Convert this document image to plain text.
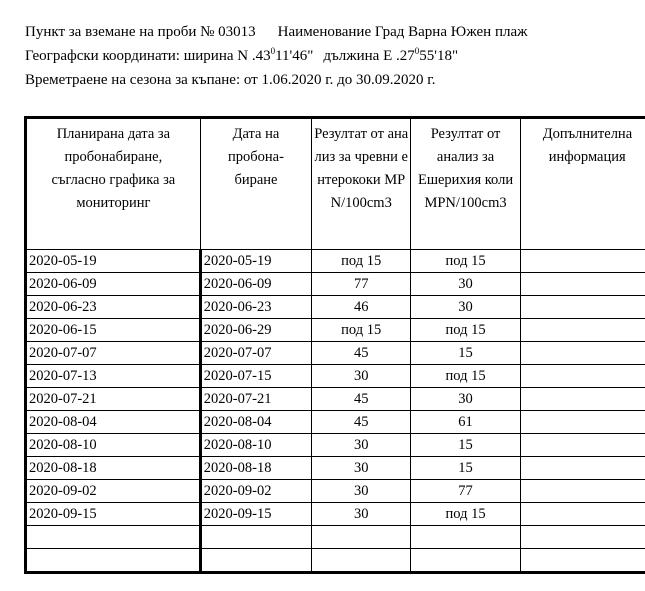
Пункт за вземане на проби № 03013 Наименование Град Варна Южен плаж
Географски координати: ширина N $.43^011'46$" дължина E $.27^055'18$"
Времетраене на сезона за къпане: от 1.06.2020 г. до 30.09.2020 г.
Планирана дата за пробонабиране, съгласно графика за мониторинг	Дата на пробона-биране	Резултат от анализ за чревни ентерококи MPN/100cm3	Резултат от анализ за Ешерихия коли MPN/100cm3	Допълнителна
информация

2020-05-19	2020-05-19	под 15	под 15	
2020-06-09	2020-06-09	77	30	
2020-06-23	2020-06-23	46	30	
2020-06-15	2020-06-29	под 15	под 15	
2020-07-07	2020-07-07	45	15	
2020-07-13	2020-07-15	30	под 15	
2020-07-21	2020-07-21	45	30	
2020-08-04	2020-08-04	45	61	
2020-08-10	2020-08-10	30	15	
2020-08-18	2020-08-18	30	15	
2020-09-02	2020-09-02	30	77	
2020-09-15	2020-09-15	30	под 15	
